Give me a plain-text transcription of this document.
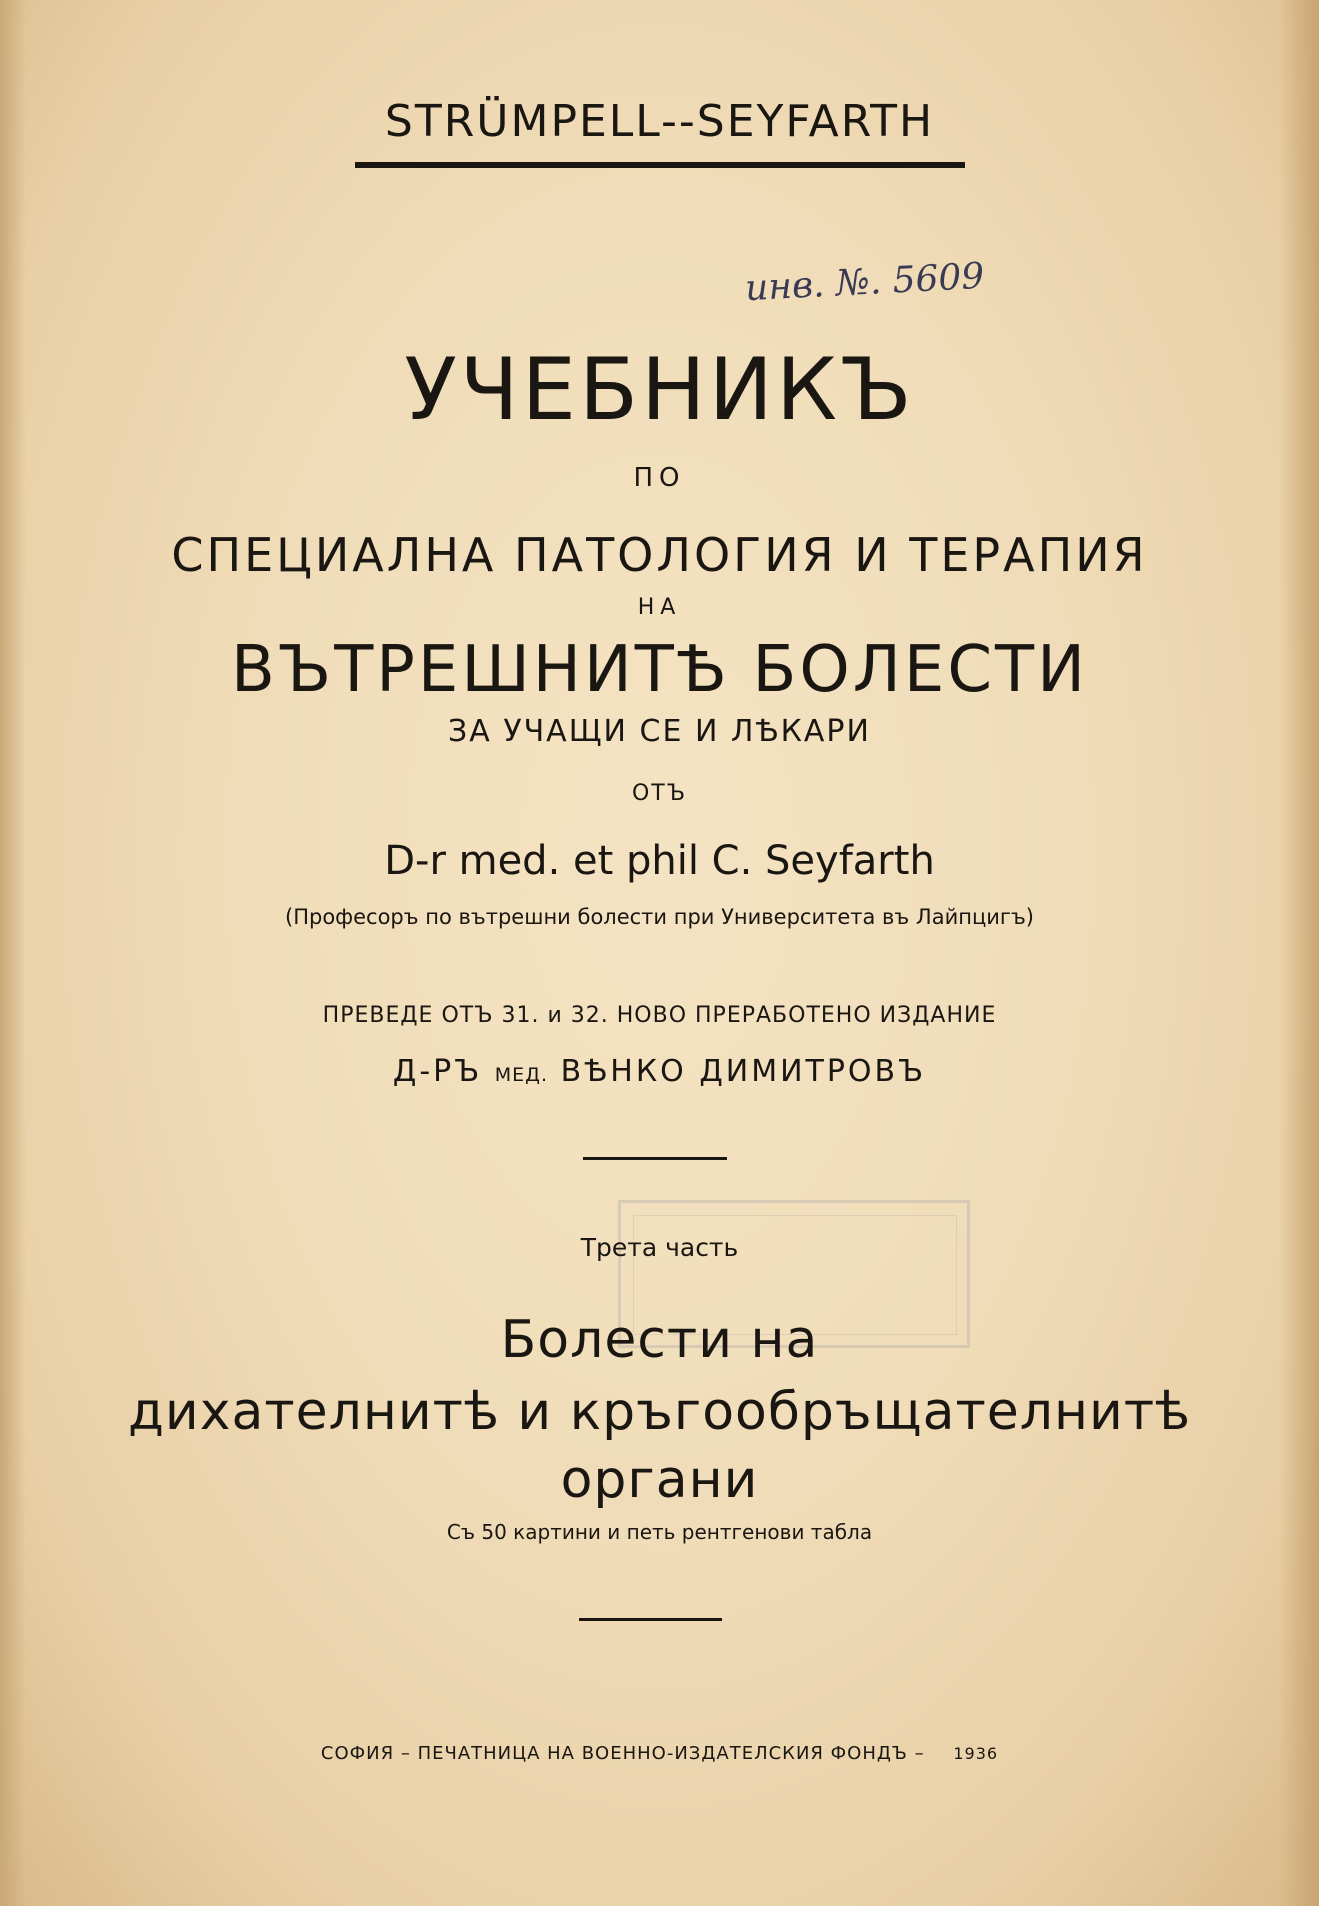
STRÜMPELL--SEYFARTH
инв. №. 5609
УЧЕБНИКЪ
ПО
СПЕЦИАЛНА ПАТОЛОГИЯ И ТЕРАПИЯ
НА
ВЪТРЕШНИТѢ БОЛЕСТИ
ЗА УЧАЩИ СЕ И ЛѢКАРИ
ОТЪ
D-r med. et phil C. Seyfarth
(Професоръ по вътрешни болести при Университета въ Лайпцигъ)
ПРЕВЕДЕ ОТЪ 31. и 32. НОВО ПРЕРАБОТЕНО ИЗДАНИЕ
Д-РЪ МЕД. ВѢНКО ДИМИТРОВЪ
Трета часть
Болести на
дихателнитѣ и кръгообръщателнитѣ
органи
Съ 50 картини и петь рентгенови табла
СОФИЯ – ПЕЧАТНИЦА НА ВОЕННО-ИЗДАТЕЛСКИЯ ФОНДЪ – 1936
